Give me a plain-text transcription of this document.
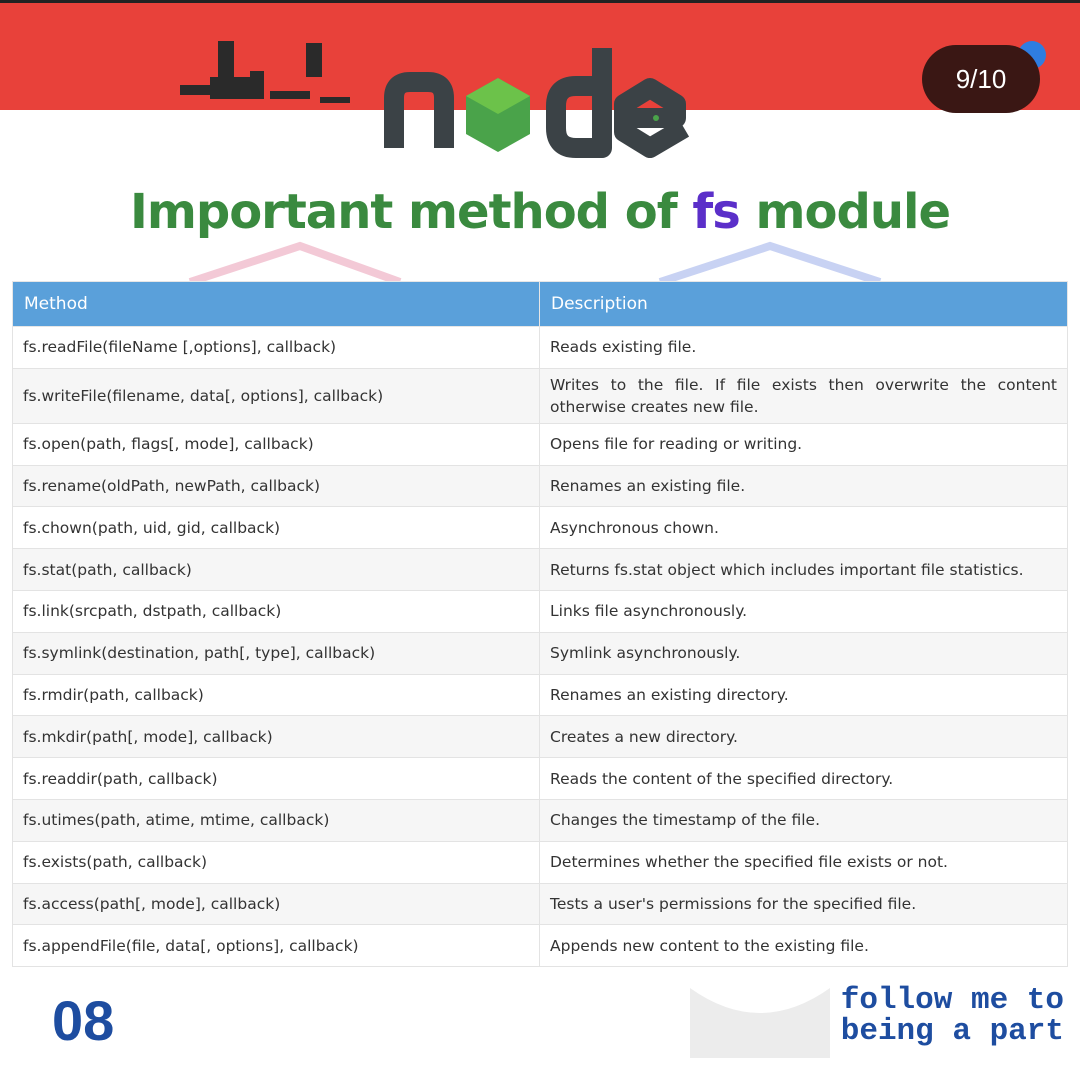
9/10
node
Important method of fs module
Method	Description
fs.readFile(fileName [,options], callback)	Reads existing file.
fs.writeFile(filename, data[, options], callback)	Writes to the file. If file exists then overwrite the content otherwise creates new file.
fs.open(path, flags[, mode], callback)	Opens file for reading or writing.
fs.rename(oldPath, newPath, callback)	Renames an existing file.
fs.chown(path, uid, gid, callback)	Asynchronous chown.
fs.stat(path, callback)	Returns fs.stat object which includes important file statistics.
fs.link(srcpath, dstpath, callback)	Links file asynchronously.
fs.symlink(destination, path[, type], callback)	Symlink asynchronously.
fs.rmdir(path, callback)	Renames an existing directory.
fs.mkdir(path[, mode], callback)	Creates a new directory.
fs.readdir(path, callback)	Reads the content of the specified directory.
fs.utimes(path, atime, mtime, callback)	Changes the timestamp of the file.
fs.exists(path, callback)	Determines whether the specified file exists or not.
fs.access(path[, mode], callback)	Tests a user's permissions for the specified file.
fs.appendFile(file, data[, options], callback)	Appends new content to the existing file.
08	follow me to
being a part
